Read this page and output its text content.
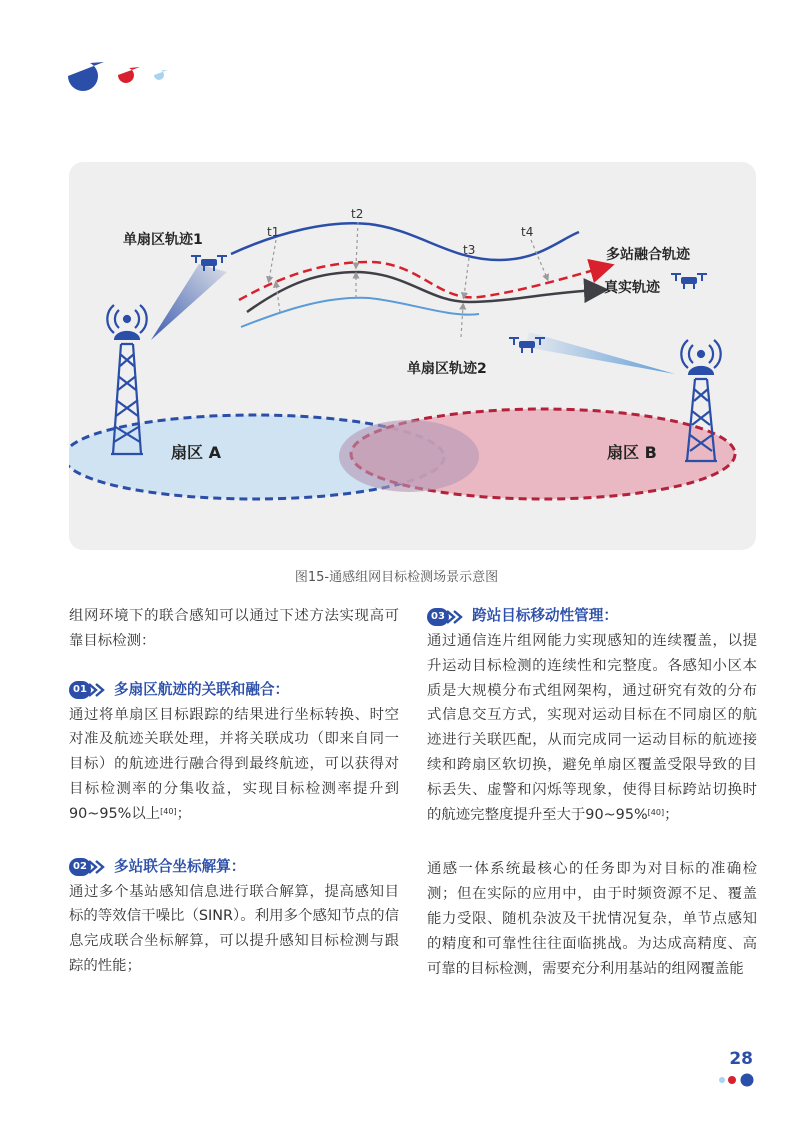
单扇区轨迹1
单扇区轨迹2
多站融合轨迹
真实轨迹
扇区 A	扇区 B
t1
t2
t3
t4
图15-通感组网目标检测场景示意图

组网环境下的联合感知可以通过下述方法实现高可靠目标检测：

01 多扇区航迹的关联和融合：

通过将单扇区目标跟踪的结果进行坐标转换、时空对准及航迹关联处理，并将关联成功（即来自同一目标）的航迹进行融合得到最终航迹，可以获得对目标检测率的分集收益，实现目标检测率提升到90~95%以上[40]；

02 多站联合坐标解算：

通过多个基站感知信息进行联合解算，提高感知目标的等效信干噪比（SINR）。利用多个感知节点的信息完成联合坐标解算，可以提升感知目标检测与跟踪的性能；

03 跨站目标移动性管理：

通过通信连片组网能力实现感知的连续覆盖，以提升运动目标检测的连续性和完整度。各感知小区本质是大规模分布式组网架构，通过研究有效的分布式信息交互方式，实现对运动目标在不同扇区的航迹进行关联匹配，从而完成同一运动目标的航迹接续和跨扇区软切换，避免单扇区覆盖受限导致的目标丢失、虚警和闪烁等现象，使得目标跨站切换时的航迹完整度提升至大于90~95%[40]；

通感一体系统最核心的任务即为对目标的准确检测；但在实际的应用中，由于时频资源不足、覆盖能力受限、随机杂波及干扰情况复杂，单节点感知的精度和可靠性往往面临挑战。为达成高精度、高可靠的目标检测，需要充分利用基站的组网覆盖能

28
